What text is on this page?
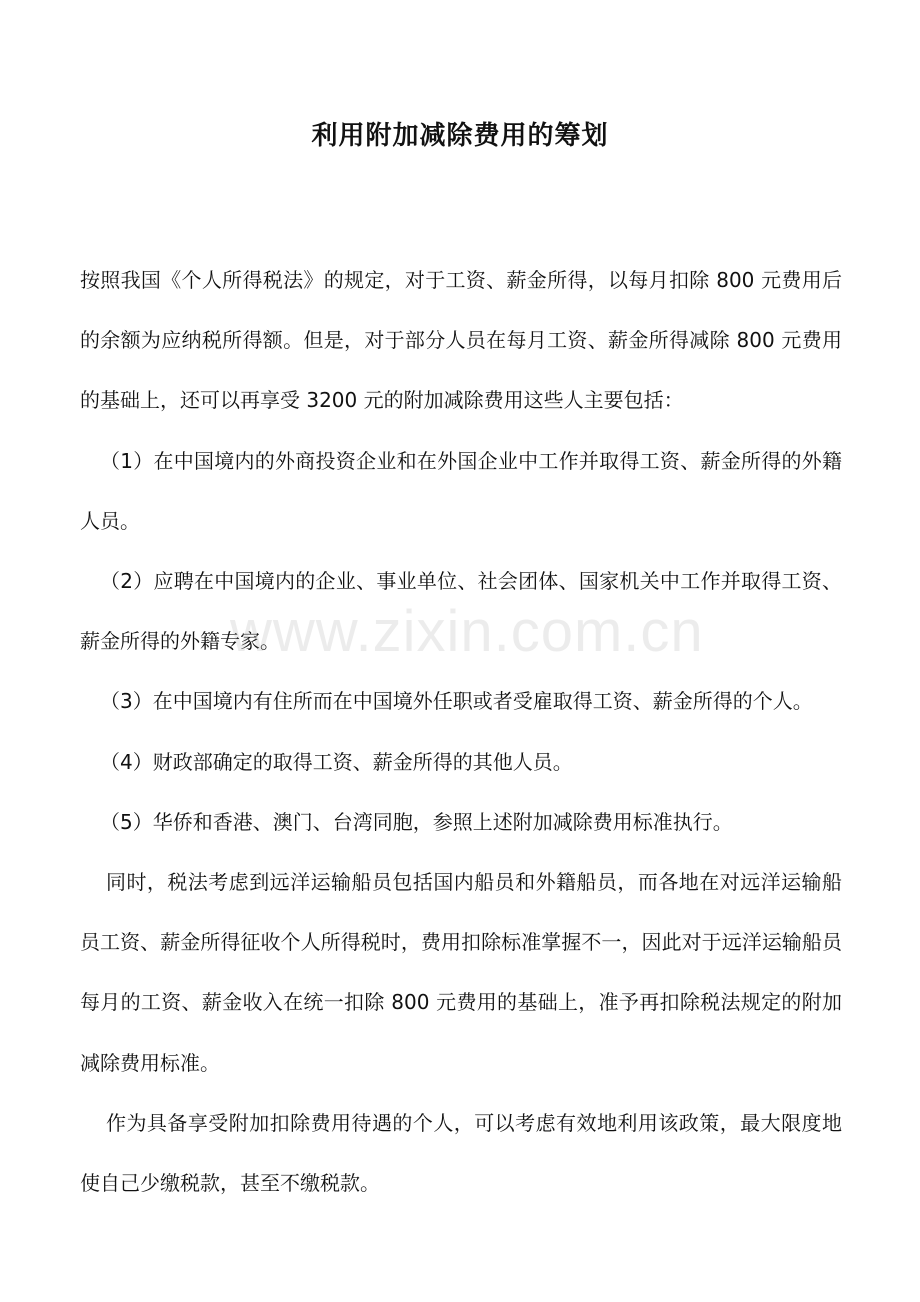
利用附加减除费用的筹划

按照我国《个人所得税法》的规定，对于工资、薪金所得，以每月扣除 800 元费用后的余额为应纳税所得额。但是，对于部分人员在每月工资、薪金所得减除 800 元费用的基础上，还可以再享受 3200 元的附加减除费用这些人主要包括：

（1）在中国境内的外商投资企业和在外国企业中工作并取得工资、薪金所得的外籍人员。

（2）应聘在中国境内的企业、事业单位、社会团体、国家机关中工作并取得工资、薪金所得的外籍专家。

（3）在中国境内有住所而在中国境外任职或者受雇取得工资、薪金所得的个人。

（4）财政部确定的取得工资、薪金所得的其他人员。

（5）华侨和香港、澳门、台湾同胞，参照上述附加减除费用标准执行。

同时，税法考虑到远洋运输船员包括国内船员和外籍船员，而各地在对远洋运输船员工资、薪金所得征收个人所得税时，费用扣除标准掌握不一，因此对于远洋运输船员每月的工资、薪金收入在统一扣除 800 元费用的基础上，准予再扣除税法规定的附加减除费用标准。

作为具备享受附加扣除费用待遇的个人，可以考虑有效地利用该政策，最大限度地使自己少缴税款，甚至不缴税款。

www.zixin.com.cn
